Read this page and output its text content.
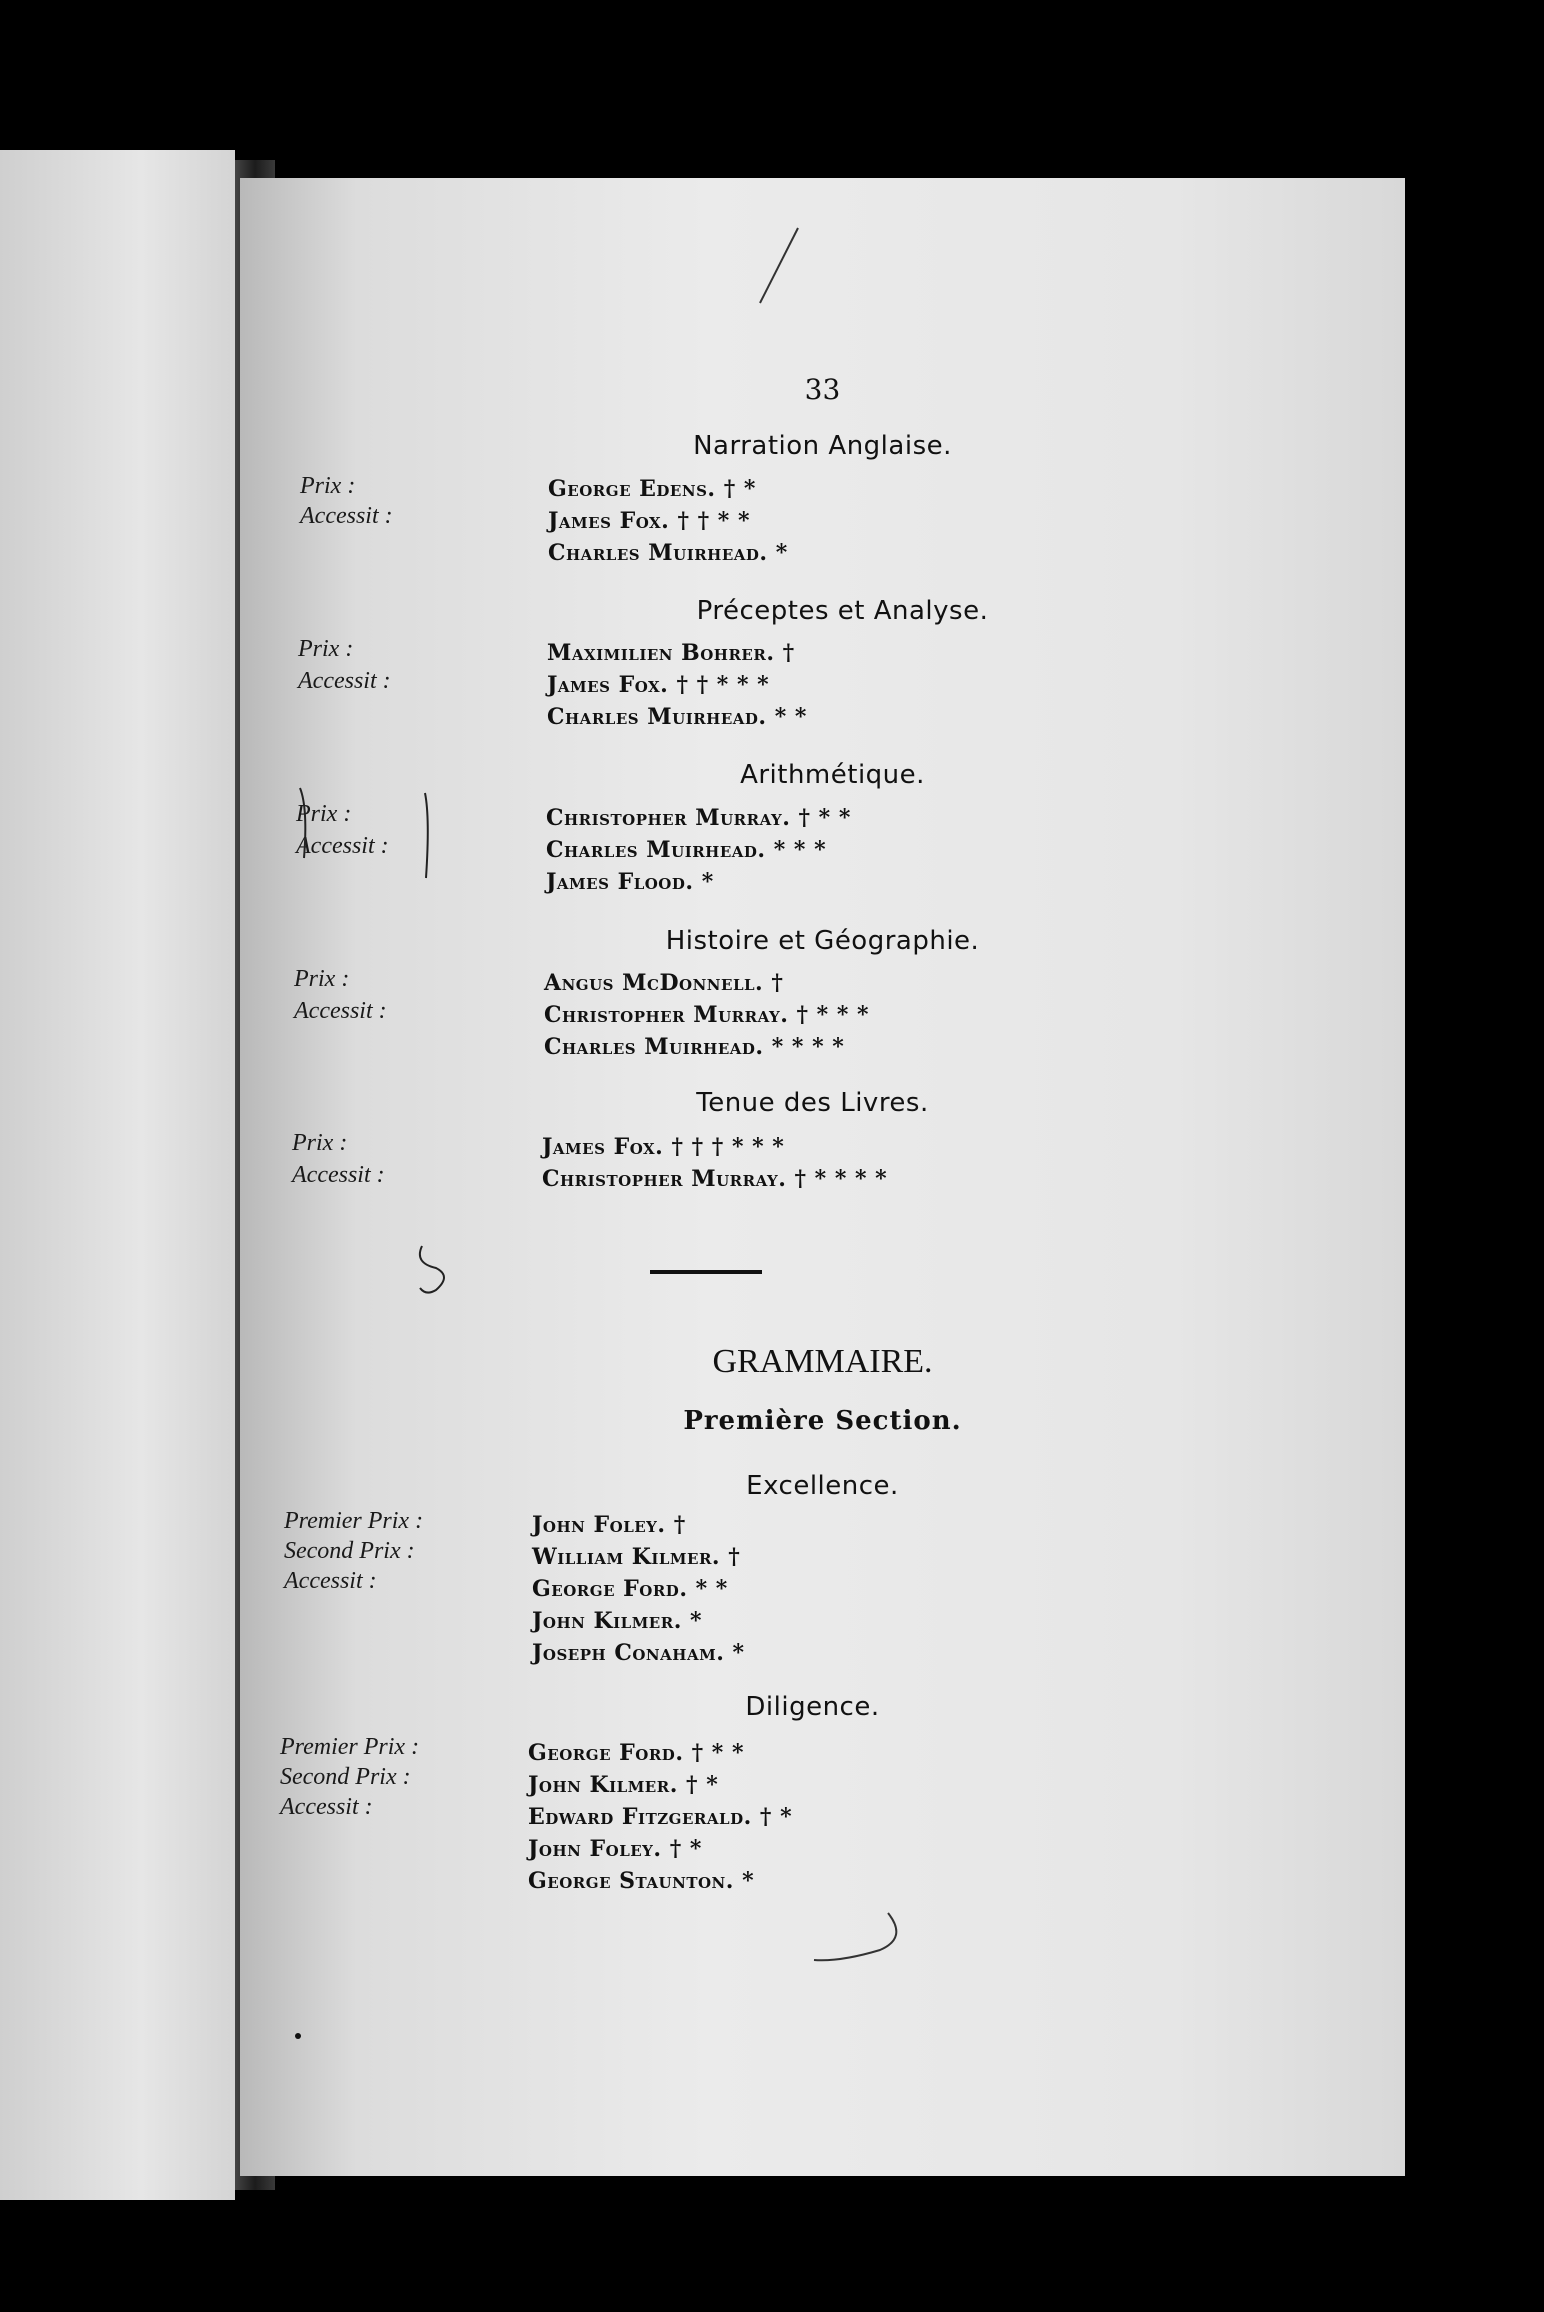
33
Narration Anglaise.
Prix :
Accessit :
George Edens. † *
James Fox. † † * *
Charles Muirhead. *
Préceptes et Analyse.
Prix :
Accessit :
Maximilien Bohrer. †
James Fox. † † * * *
Charles Muirhead. * *
Arithmétique.
Prix :
Accessit :
Christopher Murray. † * *
Charles Muirhead. * * *
James Flood. *
Histoire et Géographie.
Prix :
Accessit :
Angus McDonnell. †
Christopher Murray. † * * *
Charles Muirhead. * * * *
Tenue des Livres.
Prix :
Accessit :
James Fox. † † † * * *
Christopher Murray. † * * * *
GRAMMAIRE.
Première Section.
Excellence.
Premier Prix :
Second Prix :
Accessit :
John Foley. †
William Kilmer. †
George Ford. * *
John Kilmer. *
Joseph Conaham. *
Diligence.
Premier Prix :
Second Prix :
Accessit :
George Ford. † * *
John Kilmer. † *
Edward Fitzgerald. † *
John Foley. † *
George Staunton. *
